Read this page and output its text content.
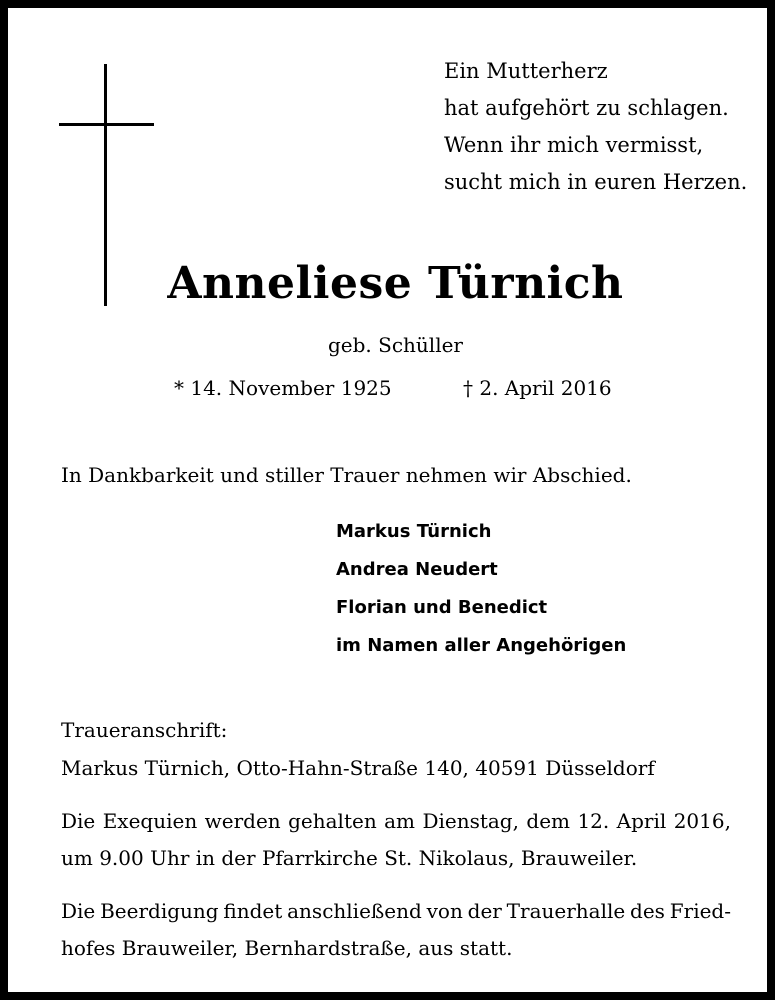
Ein Mutterherz
hat aufgehört zu schlagen.
Wenn ihr mich vermisst,
sucht mich in euren Herzen.
Anneliese Türnich
geb. Schüller
* 14. November 1925	† 2. April 2016
In Dankbarkeit und stiller Trauer nehmen wir Abschied.
Markus Türnich
Andrea Neudert
Florian und Benedict
im Namen aller Angehörigen
Traueranschrift:
Markus Türnich, Otto-Hahn-Straße 140, 40591 Düsseldorf
Die Exequien werden gehalten am Dienstag, dem 12. April 2016,
um 9.00 Uhr in der Pfarrkirche St. Nikolaus, Brauweiler.
Die Beerdigung findet anschließend von der Trauerhalle des Fried-
hofes Brauweiler, Bernhardstraße, aus statt.
